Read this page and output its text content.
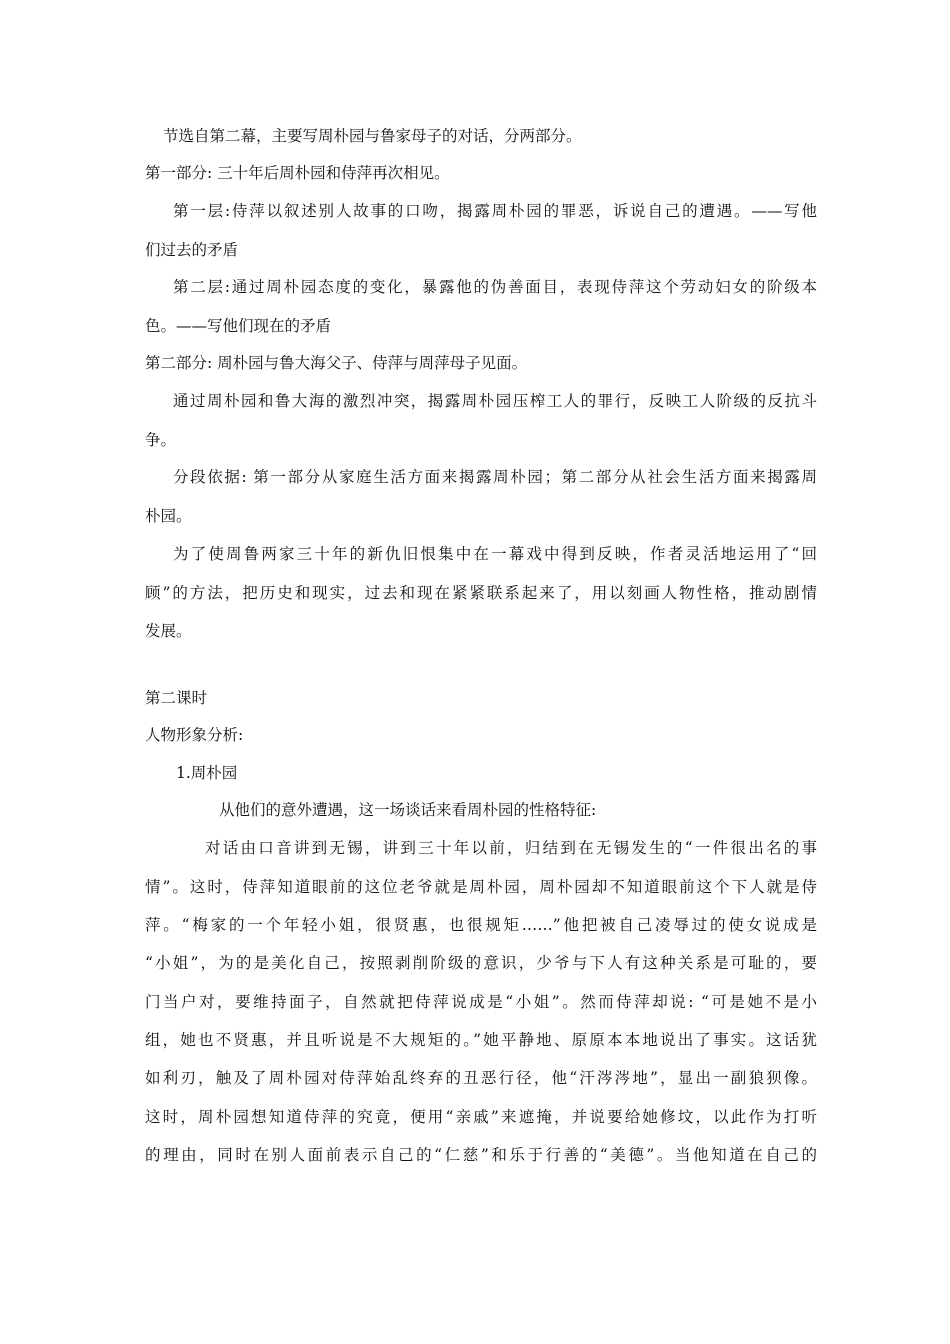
节选自第二幕，主要写周朴园与鲁家母子的对话，分两部分。
第一部分: 三十年后周朴园和侍萍再次相见。
第一层:侍萍以叙述别人故事的口吻，揭露周朴园的罪恶，诉说自己的遭遇。——写他
们过去的矛盾
第二层:通过周朴园态度的变化，暴露他的伪善面目，表现侍萍这个劳动妇女的阶级本
色。——写他们现在的矛盾
第二部分: 周朴园与鲁大海父子、侍萍与周萍母子见面。
通过周朴园和鲁大海的激烈冲突，揭露周朴园压榨工人的罪行，反映工人阶级的反抗斗
争。
分段依据: 第一部分从家庭生活方面来揭露周朴园；第二部分从社会生活方面来揭露周
朴园。
为了使周鲁两家三十年的新仇旧恨集中在一幕戏中得到反映，作者灵活地运用了“回
顾”的方法，把历史和现实，过去和现在紧紧联系起来了，用以刻画人物性格，推动剧情
发展。
第二课时
人物形象分析:
1.周朴园
从他们的意外遭遇，这一场谈话来看周朴园的性格特征:
对话由口音讲到无锡，讲到三十年以前，归结到在无锡发生的“一件很出名的事
情”。这时，侍萍知道眼前的这位老爷就是周朴园，周朴园却不知道眼前这个下人就是侍
萍。“梅家的一个年轻小姐，很贤惠，也很规矩……”他把被自己凌辱过的使女说成是
“小姐”，为的是美化自己，按照剥削阶级的意识，少爷与下人有这种关系是可耻的，要
门当户对，要维持面子，自然就把侍萍说成是“小姐”。然而侍萍却说: “可是她不是小
组，她也不贤惠，并且听说是不大规矩的。”她平静地、原原本本地说出了事实。这话犹
如利刃，触及了周朴园对侍萍始乱终弃的丑恶行径，他“汗涔涔地”，显出一副狼狈像。
这时，周朴园想知道侍萍的究竟，便用“亲戚”来遮掩，并说要给她修坟，以此作为打听
的理由，同时在别人面前表示自己的“仁慈”和乐于行善的“美德”。当他知道在自己的
